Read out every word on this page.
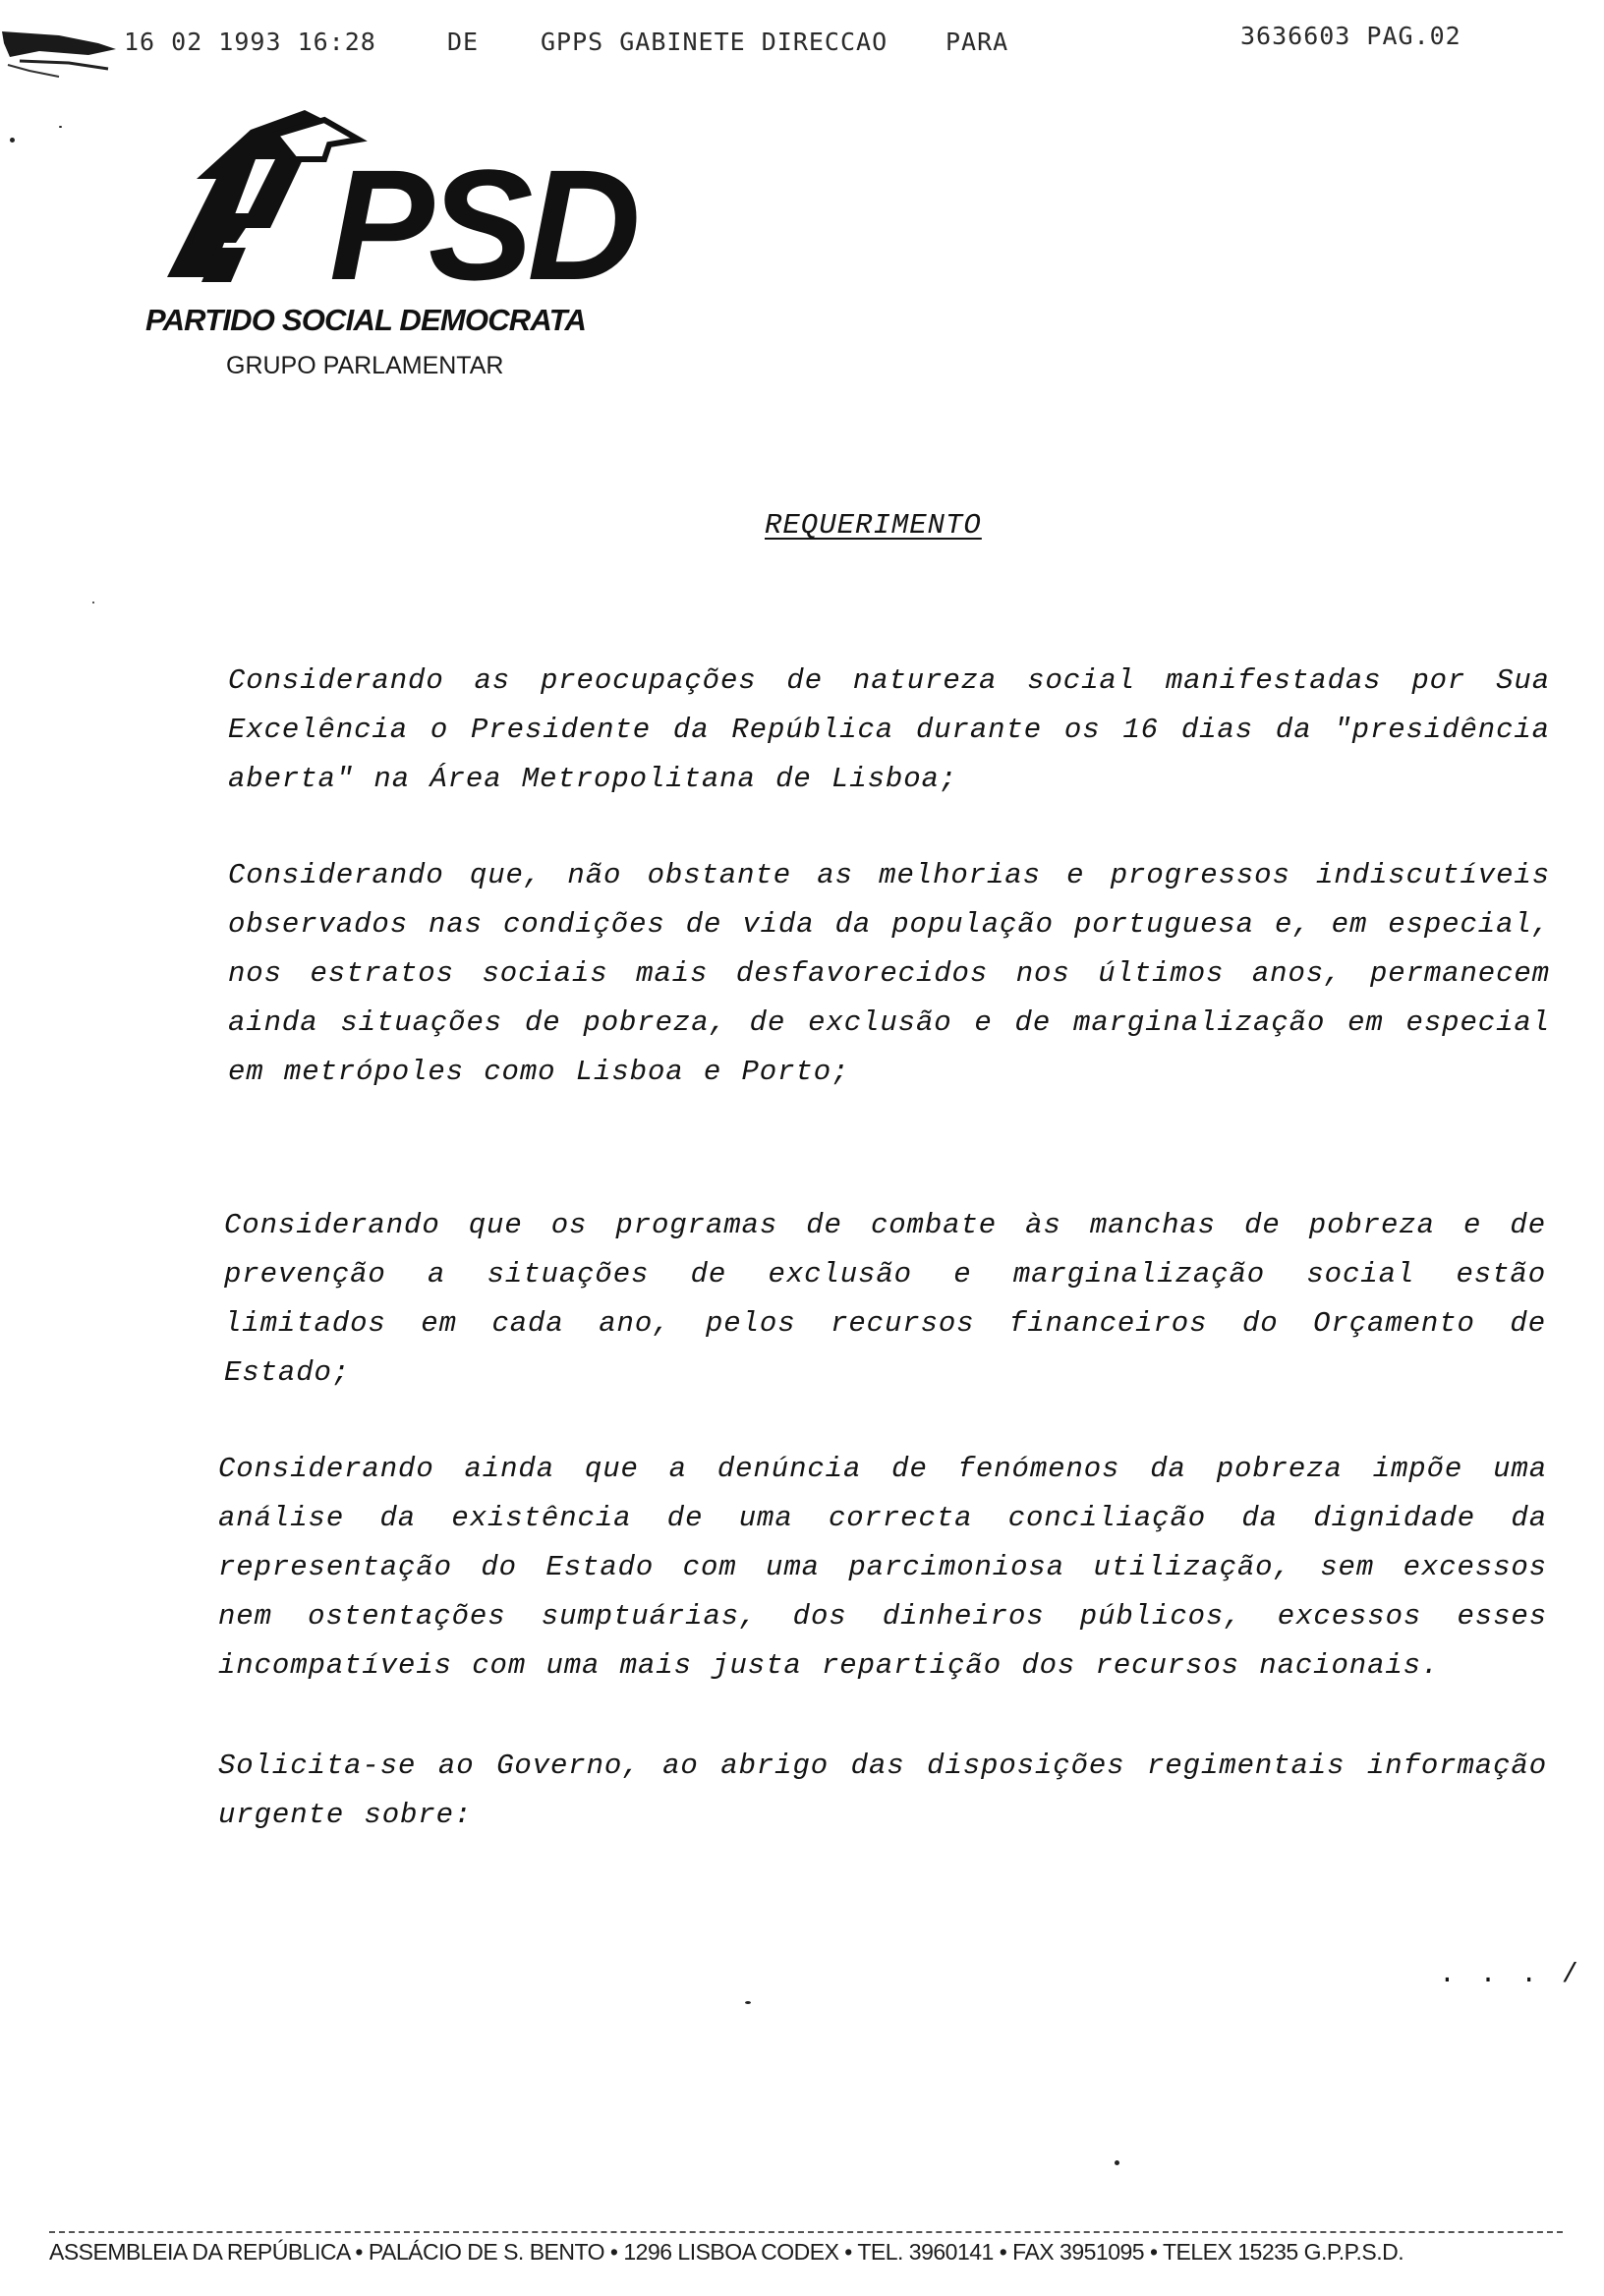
16 02 1993 16:28	DE	GPPS GABINETE DIRECCAO PARA	3636603 PAG.02
PSD
PARTIDO SOCIAL DEMOCRATA
GRUPO PARLAMENTAR
REQUERIMENTO
Considerando as preocupações de natureza social manifestadas por Sua Excelência o Presidente da República durante os 16 dias da "presidência aberta" na Área Metropolitana de Lisboa;
Considerando que, não obstante as melhorias e progressos indiscutíveis observados nas condições de vida da população portuguesa e, em especial, nos estratos sociais mais desfavorecidos nos últimos anos, permanecem ainda situações de pobreza, de exclusão e de marginalização em especial em metrópoles como Lisboa e Porto;
Considerando que os programas de combate às manchas de pobreza e de prevenção a situações de exclusão e marginalização social estão limitados em cada ano, pelos recursos financeiros do Orçamento de Estado;
Considerando ainda que a denúncia de fenómenos da pobreza impõe uma análise da existência de uma correcta conciliação da dignidade da representação do Estado com uma parcimoniosa utilização, sem excessos nem ostentações sumptuárias, dos dinheiros públicos, excessos esses incompatíveis com uma mais justa repartição dos recursos nacionais.
Solicita-se ao Governo, ao abrigo das disposições regimentais informação urgente sobre:
. . . /
ASSEMBLEIA DA REPÚBLICA • PALÁCIO DE S. BENTO • 1296 LISBOA CODEX • TEL. 3960141 • FAX 3951095 • TELEX 15235 G.P.P.S.D.
